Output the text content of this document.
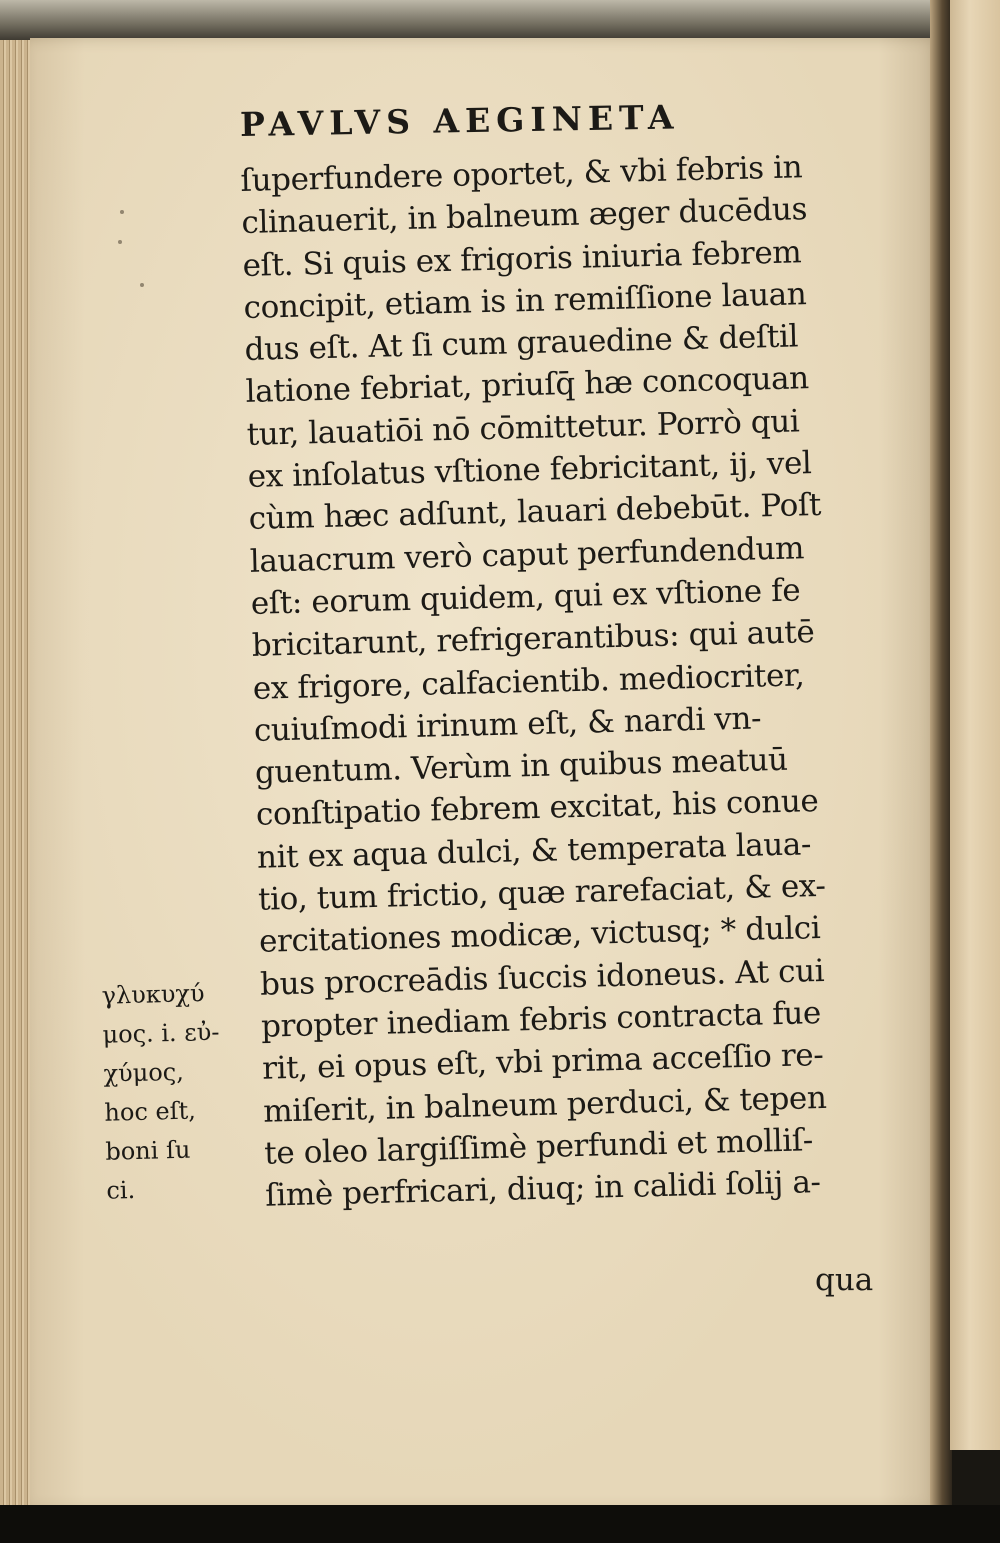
PAVLVS AEGINETA
ſuperfundere oportet, & vbi febris in
clinauerit, in balneum æger ducēdus
eſt. Si quis ex frigoris iniuria febrem
concipit, etiam is in remiſſione lauan
dus eſt. At ſi cum grauedine & deſtil
latione febriat, priuſq̄ hæ concoquan
tur, lauatiōi nō cōmittetur. Porrò qui
ex inſolatus vſtione febricitant, ij, vel
cùm hæc adſunt, lauari debebūt. Poſt
lauacrum verò caput perfundendum
eſt: eorum quidem, qui ex vſtione fe
bricitarunt, refrigerantibus: qui autē
ex frigore, calfacientib. mediocriter,
cuiuſmodi irinum eſt, & nardi vn-
guentum. Verùm in quibus meatuū
conſtipatio febrem excitat, his conue
nit ex aqua dulci, & temperata laua-
tio, tum frictio, quæ rarefaciat, & ex-
ercitationes modicæ, victusq; * dulci
bus procreādis ſuccis idoneus. At cui
propter inediam febris contracta fue
rit, ei opus eſt, vbi prima acceſſio re-
miſerit, in balneum perduci, & tepen
te oleo largiſſimè perfundi et molliſ-
ſimè perfricari, diuq; in calidi ſolij a-

qua

γλυκυχύ
μος. i. εὐ-
χύμος,
hoc eſt,
boni ſu
ci.
